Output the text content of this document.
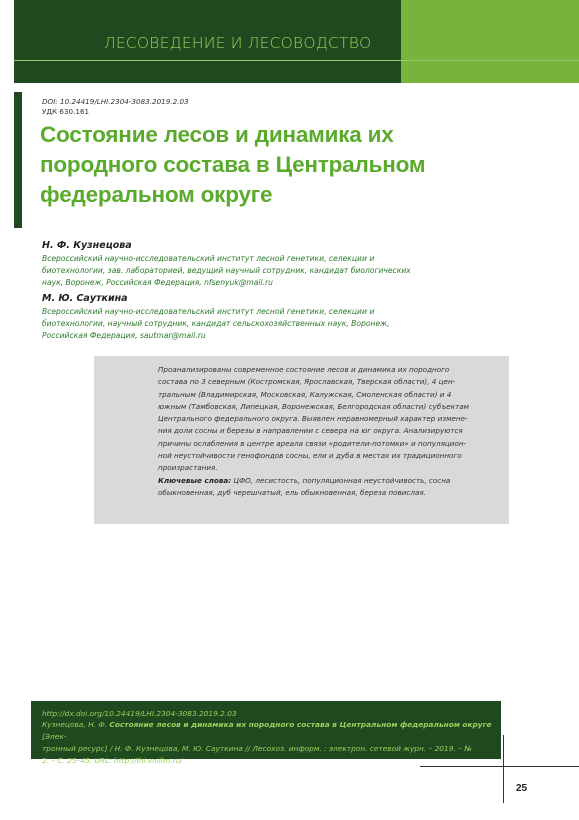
ЛЕСОВЕДЕНИЕ И ЛЕСОВОДСТВО
DOI: 10.24419/LHI.2304-3083.2019.2.03
УДК 630.161
Состояние лесов и динамика их
породного состава в Центральном
федеральном округе
Н. Ф. Кузнецова
Всероссийский научно-исследовательский институт лесной генетики, селекции и
биотехнологии, зав. лабораторией, ведущий научный сотрудник, кандидат биологических
наук, Воронеж, Российская Федерация, nfsenyuk@mail.ru
М. Ю. Сауткина
Всероссийский научно-исследовательский институт лесной генетики, селекции и
биотехнологии, научный сотрудник, кандидат сельскохозяйственных наук, Воронеж,
Российская Федерация, sautmar@mail.ru
Проанализированы современное состояние лесов и динамика их породного
состава по 3 северным (Костромская, Ярославская, Тверская области), 4 цен-
тральным (Владимирская, Московская, Калужская, Смоленская области) и 4
южным (Тамбовская, Липецкая, Воронежская, Белгородская области) субъектам
Центрального федерального округа. Выявлен неравномерный характер измене-
ния доли сосны и березы в направлении с севера на юг округа. Анализируются
причины ослабления в центре ареала связи «родители-потомки» и популяцион-
ной неустойчивости генофондов сосны, ели и дуба в местах их традиционного
произрастания.
Ключевые слова: ЦФО, лесистость, популяционная неустойчивость, сосна
обыкновенная, дуб черешчатый, ель обыкновенная, береза повислая.
http://dx.doi.org/10.24419/LHI.2304-3083.2019.2.03
Кузнецова, Н. Ф. Состояние лесов и динамика их породного состава в Центральном федеральном округе [Элек-
тронный ресурс] / Н. Ф. Кузнецова, М. Ю. Сауткина // Лесохоз. информ. : электрон. сетевой журн. – 2019. – №
2. – С. 25–45. URL: http://lhi.vniilm.ru/
25
